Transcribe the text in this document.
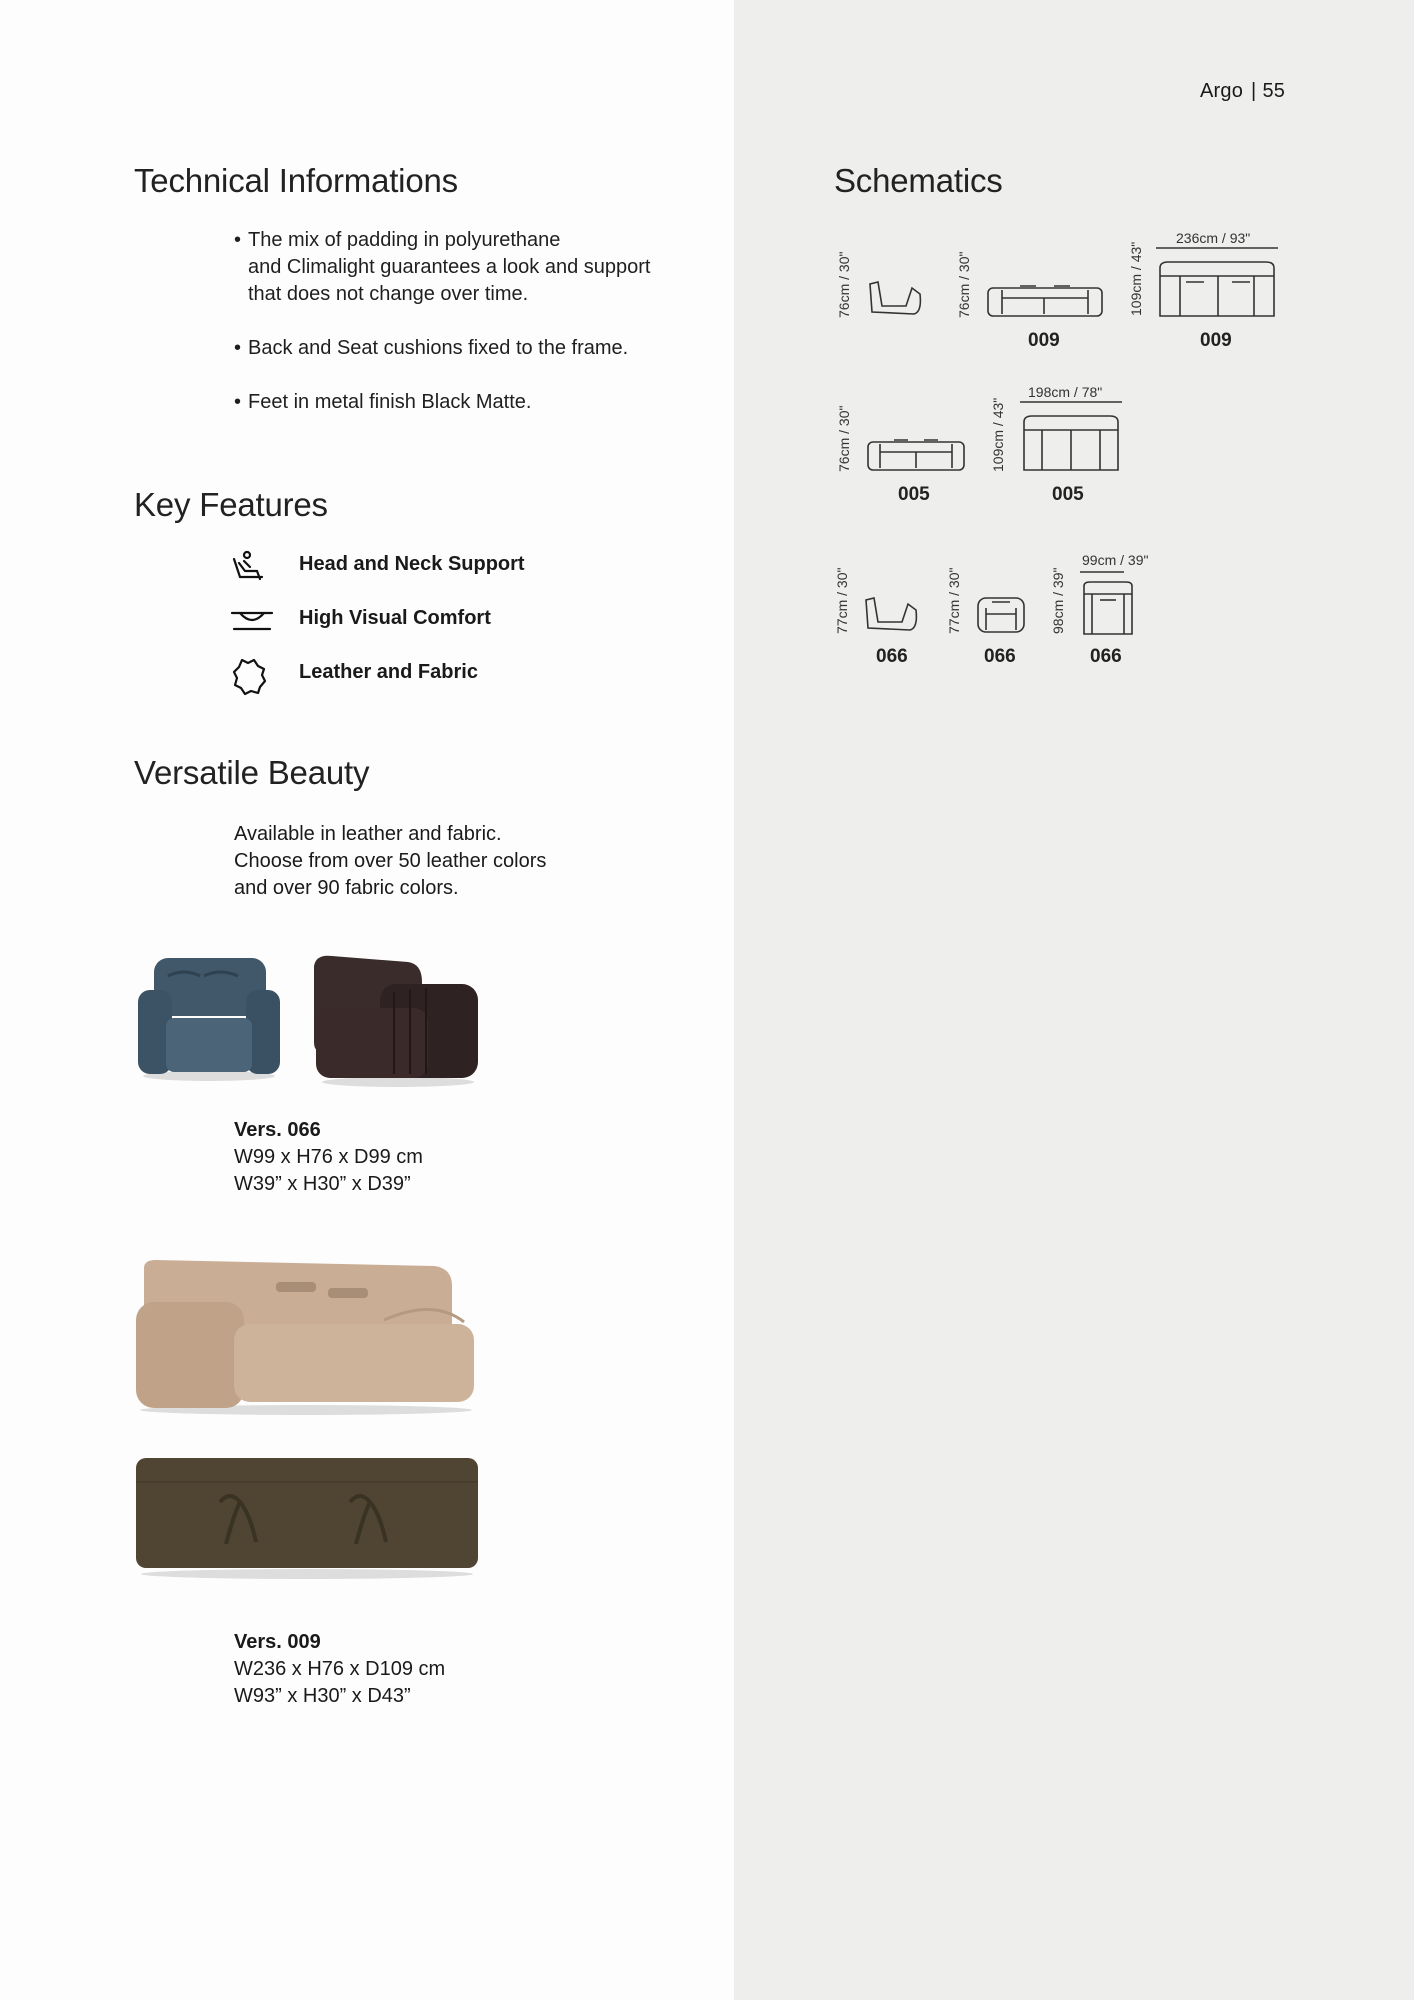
Argo | 55
Technical Informations
• The mix of padding in polyurethane
and Climalight guarantees a look and support
that does not change over time.
• Back and Seat cushions fixed to the frame.
• Feet in metal finish Black Matte.
Key Features
Head and Neck Support
High Visual Comfort
Leather and Fabric
Versatile Beauty
Available in leather and fabric.
Choose from over 50 leather colors
and over 90 fabric colors.
Vers. 066
W99 x H76 x D99 cm
W39” x H30” x D39”
Vers. 009
W236 x H76 x D109 cm
W93” x H30” x D43”
Schematics
76cm / 30"	76cm / 30"
009
109cm / 43"
236cm / 93"
009
76cm / 30"
005
109cm / 43"
198cm / 78"
005
77cm / 30"
066
77cm / 30"
066
98cm / 39"
99cm / 39"
066
